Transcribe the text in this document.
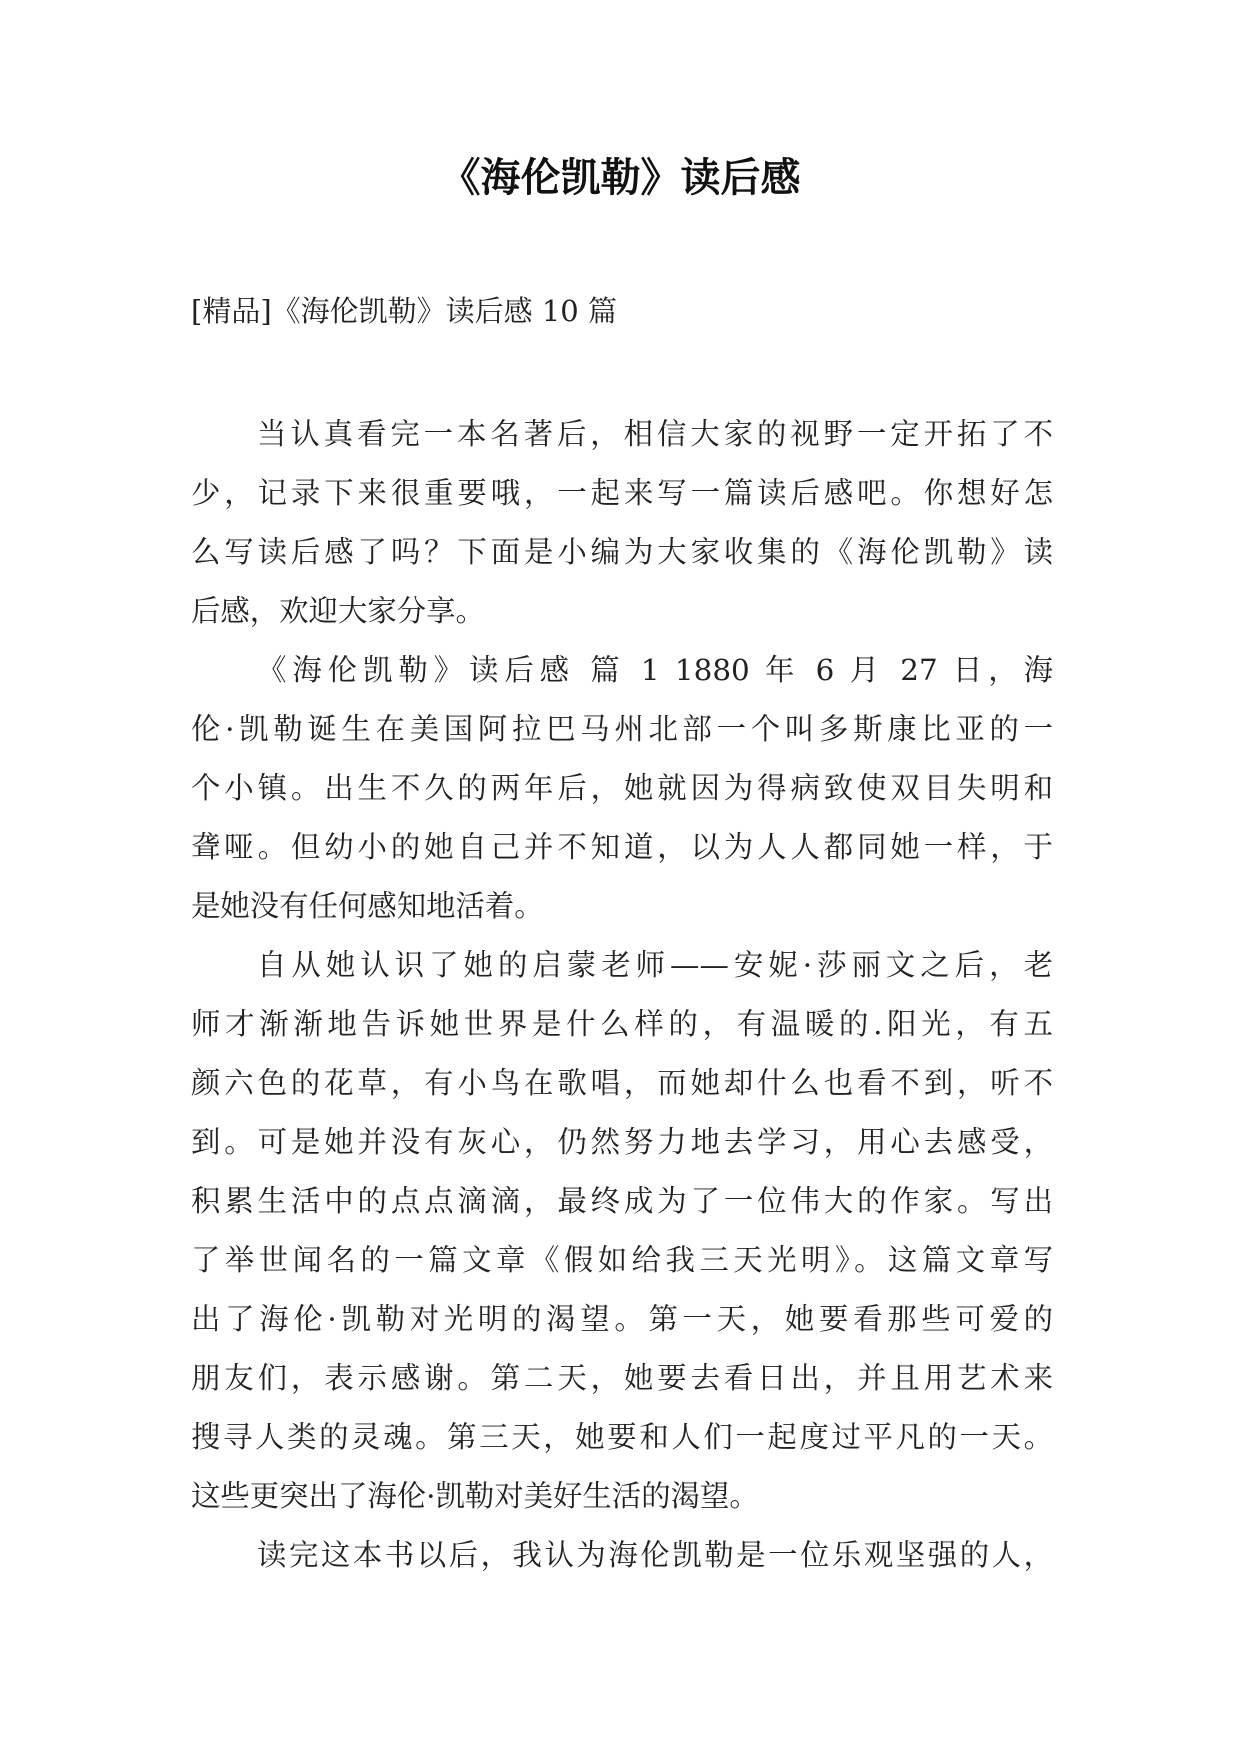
《海伦凯勒》读后感
[精品]《海伦凯勒》读后感 10 篇
当认真看完一本名著后，相信大家的视野一定开拓了不
少，记录下来很重要哦，一起来写一篇读后感吧。你想好怎
么写读后感了吗？下面是小编为大家收集的《海伦凯勒》读
后感，欢迎大家分享。
《海伦凯勒》读后感 篇 1 1880 年 6 月 27 日，海
伦·凯勒诞生在美国阿拉巴马州北部一个叫多斯康比亚的一
个小镇。出生不久的两年后，她就因为得病致使双目失明和
聋哑。但幼小的她自己并不知道，以为人人都同她一样，于
是她没有任何感知地活着。
自从她认识了她的启蒙老师——安妮·莎丽文之后，老
师才渐渐地告诉她世界是什么样的，有温暖的.阳光，有五
颜六色的花草，有小鸟在歌唱，而她却什么也看不到，听不
到。可是她并没有灰心，仍然努力地去学习，用心去感受，
积累生活中的点点滴滴，最终成为了一位伟大的作家。写出
了举世闻名的一篇文章《假如给我三天光明》。这篇文章写
出了海伦·凯勒对光明的渴望。第一天，她要看那些可爱的
朋友们，表示感谢。第二天，她要去看日出，并且用艺术来
搜寻人类的灵魂。第三天，她要和人们一起度过平凡的一天。
这些更突出了海伦·凯勒对美好生活的渴望。
读完这本书以后，我认为海伦凯勒是一位乐观坚强的人，
